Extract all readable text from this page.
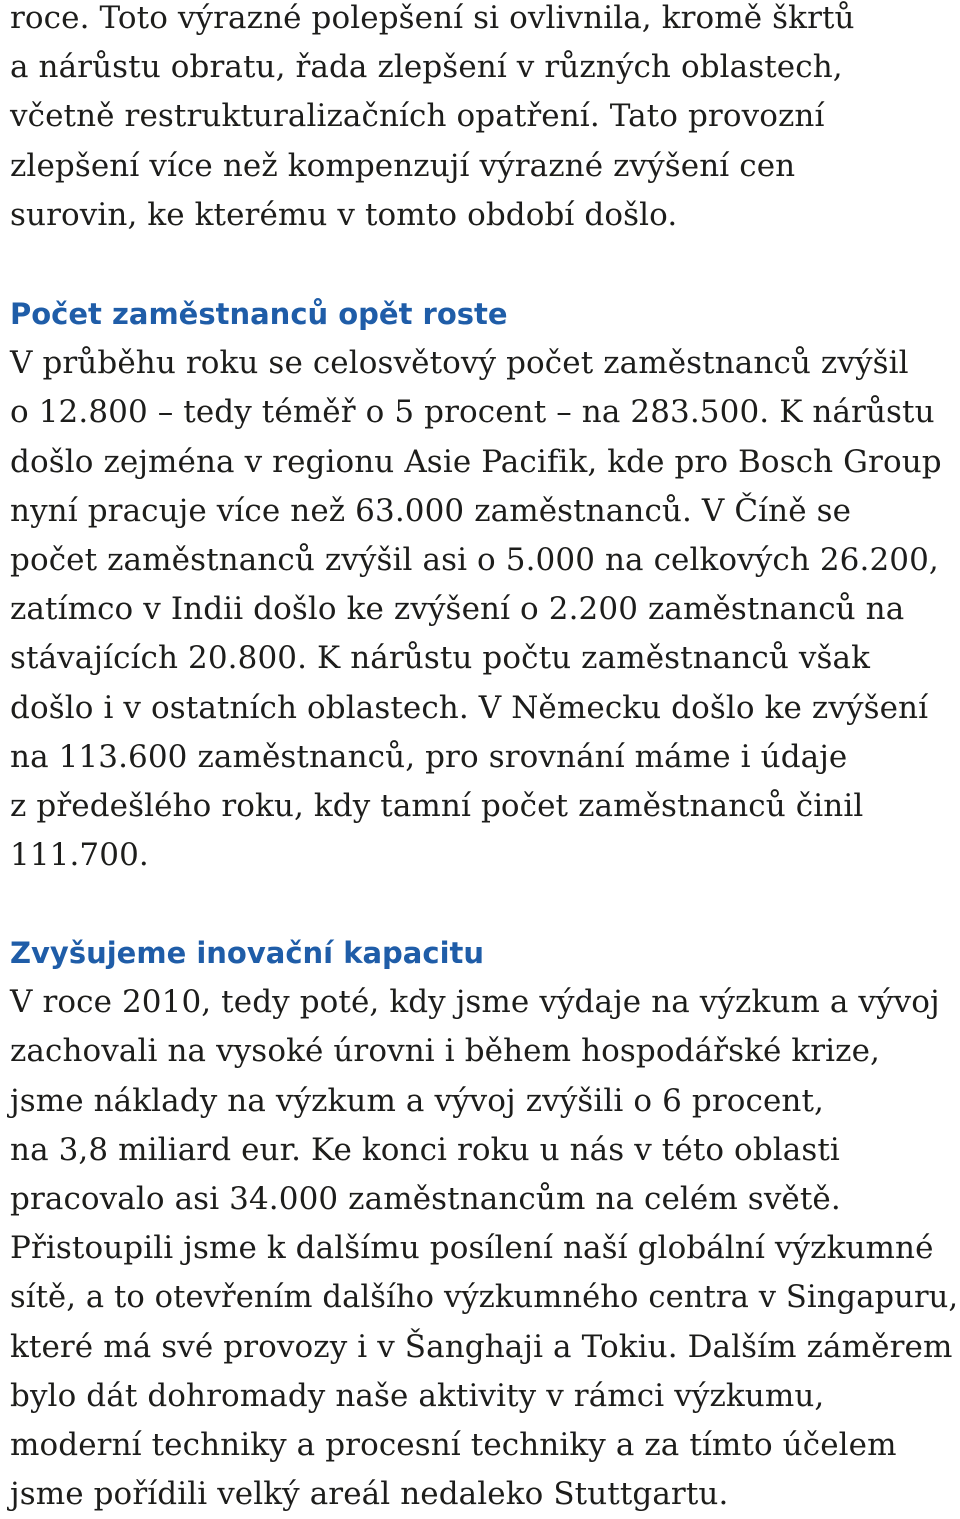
roce. Toto výrazné polepšení si ovlivnila, kromě škrtů
a nárůstu obratu, řada zlepšení v různých oblastech,
včetně restrukturalizačních opatření. Tato provozní
zlepšení více než kompenzují výrazné zvýšení cen
surovin, ke kterému v tomto období došlo.
Počet zaměstnanců opět roste
V průběhu roku se celosvětový počet zaměstnanců zvýšil
o 12.800 – tedy téměř o 5 procent – na 283.500. K nárůstu
došlo zejména v regionu Asie Pacifik, kde pro Bosch Group
nyní pracuje více než 63.000 zaměstnanců. V Číně se
počet zaměstnanců zvýšil asi o 5.000 na celkových 26.200,
zatímco v Indii došlo ke zvýšení o 2.200 zaměstnanců na
stávajících 20.800. K nárůstu počtu zaměstnanců však
došlo i v ostatních oblastech. V Německu došlo ke zvýšení
na 113.600 zaměstnanců, pro srovnání máme i údaje
z předešlého roku, kdy tamní počet zaměstnanců činil
111.700.
Zvyšujeme inovační kapacitu
V roce 2010, tedy poté, kdy jsme výdaje na výzkum a vývoj
zachovali na vysoké úrovni i během hospodářské krize,
jsme náklady na výzkum a vývoj zvýšili o 6 procent,
na 3,8 miliard eur. Ke konci roku u nás v této oblasti
pracovalo asi 34.000 zaměstnancům na celém světě.
Přistoupili jsme k dalšímu posílení naší globální výzkumné
sítě, a to otevřením dalšího výzkumného centra v Singapuru,
které má své provozy i v Šanghaji a Tokiu. Dalším záměrem
bylo dát dohromady naše aktivity v rámci výzkumu,
moderní techniky a procesní techniky a za tímto účelem
jsme pořídili velký areál nedaleko Stuttgartu.
